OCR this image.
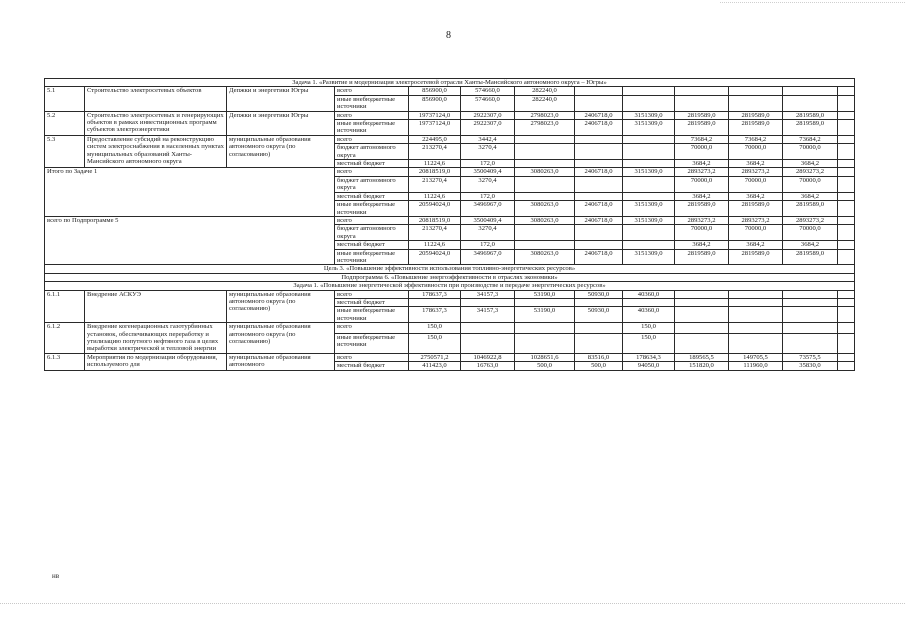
8
Задача 1. «Развитие и модернизация электросетевой отрасли Ханты-Мансийского автономного округа – Югры»												
5.1	Строительство электросетевых объектов	Депжки и энергетики Югры	всего	856900,0	574660,0	282240,0						
			иные внебюджетные источники	856900,0	574660,0	282240,0						
5.2	Строительство электросетевых и генерирующих объектов в рамках инвестиционных программ субъектов электроэнергетики	Депжки и энергетики Югры	всего	19737124,0	2922307,0	2798023,0	2406718,0	3151309,0	2819589,0	2819589,0	2819589,0	
			иные внебюджетные источники	19737124,0	2922307,0	2798023,0	2406718,0	3151309,0	2819589,0	2819589,0	2819589,0	
5.3	Предоставление субсидий на реконструкцию систем электроснабжения в населенных пунктах муниципальных образований Ханты-Мансийского автономного округа	муниципальные образования автономного округа (по согласованию)	всего	224495,0	3442,4				73684,2	73684,2	73684,2	
			бюджет автономного округа	213270,4	3270,4				70000,0	70000,0	70000,0	
			местный бюджет	11224,6	172,0				3684,2	3684,2	3684,2	
Итого по Задаче 1			всего	20818519,0	3500409,4	3080263,0	2406718,0	3151309,0	2893273,2	2893273,2	2893273,2	
			бюджет автономного округа	213270,4	3270,4				70000,0	70000,0	70000,0	
			местный бюджет	11224,6	172,0				3684,2	3684,2	3684,2	
			иные внебюджетные источники	20594024,0	3496967,0	3080263,0	2406718,0	3151309,0	2819589,0	2819589,0	2819589,0	
всего по Подпрограмме 5			всего	20818519,0	3500409,4	3080263,0	2406718,0	3151309,0	2893273,2	2893273,2	2893273,2	
			бюджет автономного округа	213270,4	3270,4				70000,0	70000,0	70000,0	
			местный бюджет	11224,6	172,0				3684,2	3684,2	3684,2	
			иные внебюджетные источники	20594024,0	3496967,0	3080263,0	2406718,0	3151309,0	2819589,0	2819589,0	2819589,0	
Цель 3. «Повышение эффективности использования топливно-энергетических ресурсов»												
Подпрограмма 6. «Повышение энергоэффективности в отраслях экономики»												
Задача 1. «Повышение энергетической эффективности при производстве и передаче энергетических ресурсов»												
6.1.1	Внедрение АСКУЭ	муниципальные образования автономного округа (по согласованию)	всего	178637,3	34157,3	53190,0	50930,0	40360,0				
			местный бюджет									
			иные внебюджетные источники	178637,3	34157,3	53190,0	50930,0	40360,0				
6.1.2	Внедрение когенерационных газотурбинных установок, обеспечивающих переработку и утилизацию попутного нефтяного газа в целях выработки электрической и тепловой энергии	муниципальные образования автономного округа (по согласованию)	всего	150,0				150,0				
			иные внебюджетные источники	150,0				150,0				
6.1.3	Мероприятия по модернизации оборудования, используемого для	муниципальные образования автономного	всего	2750571,2	1046922,8	1028651,6	83516,0	178634,3	189565,5	149705,5	73575,5	
			местный бюджет	411423,0	16763,0	500,0	500,0	94050,0	151820,0	111960,0	35830,0	
нв
